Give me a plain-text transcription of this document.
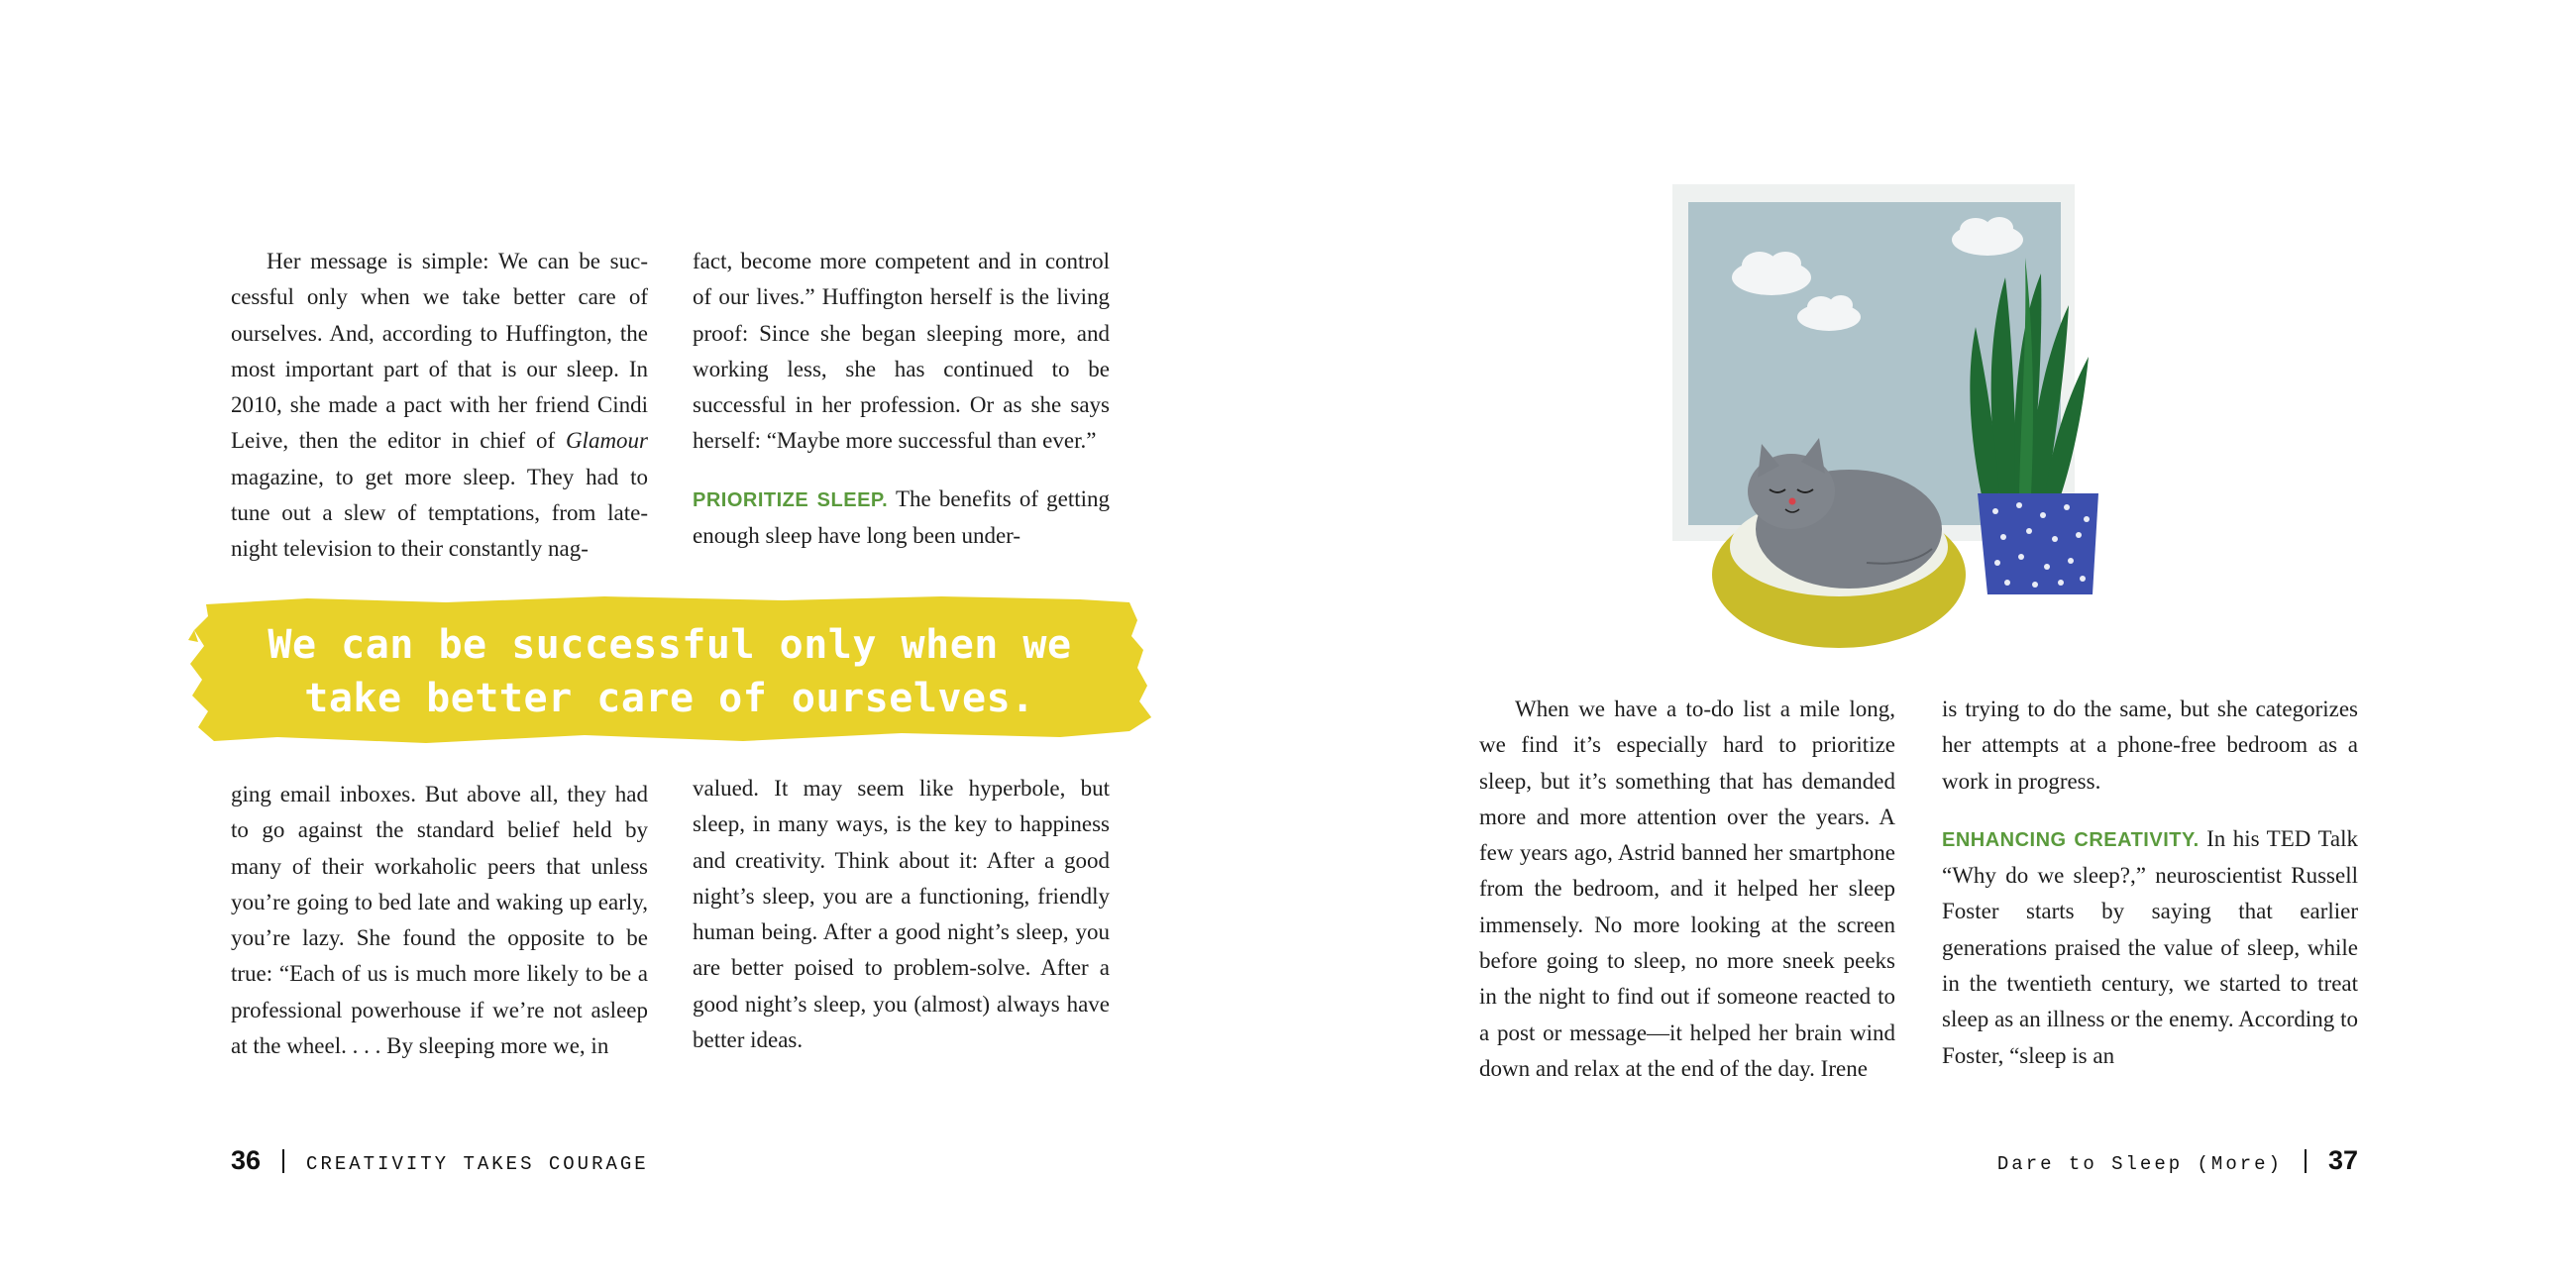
Her message is simple: We can be suc- cessful only when we take better care of ourselves. And, according to Huffington, the most important part of that is our sleep. In 2010, she made a pact with her friend Cindi Leive, then the editor in chief of Glamour magazine, to get more sleep. They had to tune out a slew of temptations, from late-night television to their constantly nag-

fact, become more competent and in control of our lives.” Huffington herself is the living proof: Since she began sleeping more, and working less, she has continued to be successful in her profession. Or as she says herself: “Maybe more successful than ever.”

PRIORITIZE SLEEP. The benefits of getting enough sleep have long been under-

We can be successful only when we
take better care of ourselves.

ging email inboxes. But above all, they had to go against the standard belief held by many of their workaholic peers that unless you’re going to bed late and waking up early, you’re lazy. She found the opposite to be true: “Each of us is much more likely to be a professional powerhouse if we’re not asleep at the wheel. . . . By sleeping more we, in

valued. It may seem like hyperbole, but sleep, in many ways, is the key to happiness and creativity. Think about it: After a good night’s sleep, you are a functioning, friendly human being. After a good night’s sleep, you are better poised to problem-solve. After a good night’s sleep, you (almost) always have better ideas.

36 CREATIVITY TAKES COURAGE

When we have a to-do list a mile long, we find it’s especially hard to prioritize sleep, but it’s something that has demanded more and more attention over the years. A few years ago, Astrid banned her smartphone from the bedroom, and it helped her sleep immensely. No more looking at the screen before going to sleep, no more sneek peeks in the night to find out if someone reacted to a post or message—it helped her brain wind down and relax at the end of the day. Irene

is trying to do the same, but she categorizes her attempts at a phone-free bedroom as a work in progress.

ENHANCING CREATIVITY. In his TED Talk “Why do we sleep?,” neuroscientist Russell Foster starts by saying that earlier generations praised the value of sleep, while in the twentieth century, we started to treat sleep as an illness or the enemy. According to Foster, “sleep is an

Dare to Sleep (More) 37
